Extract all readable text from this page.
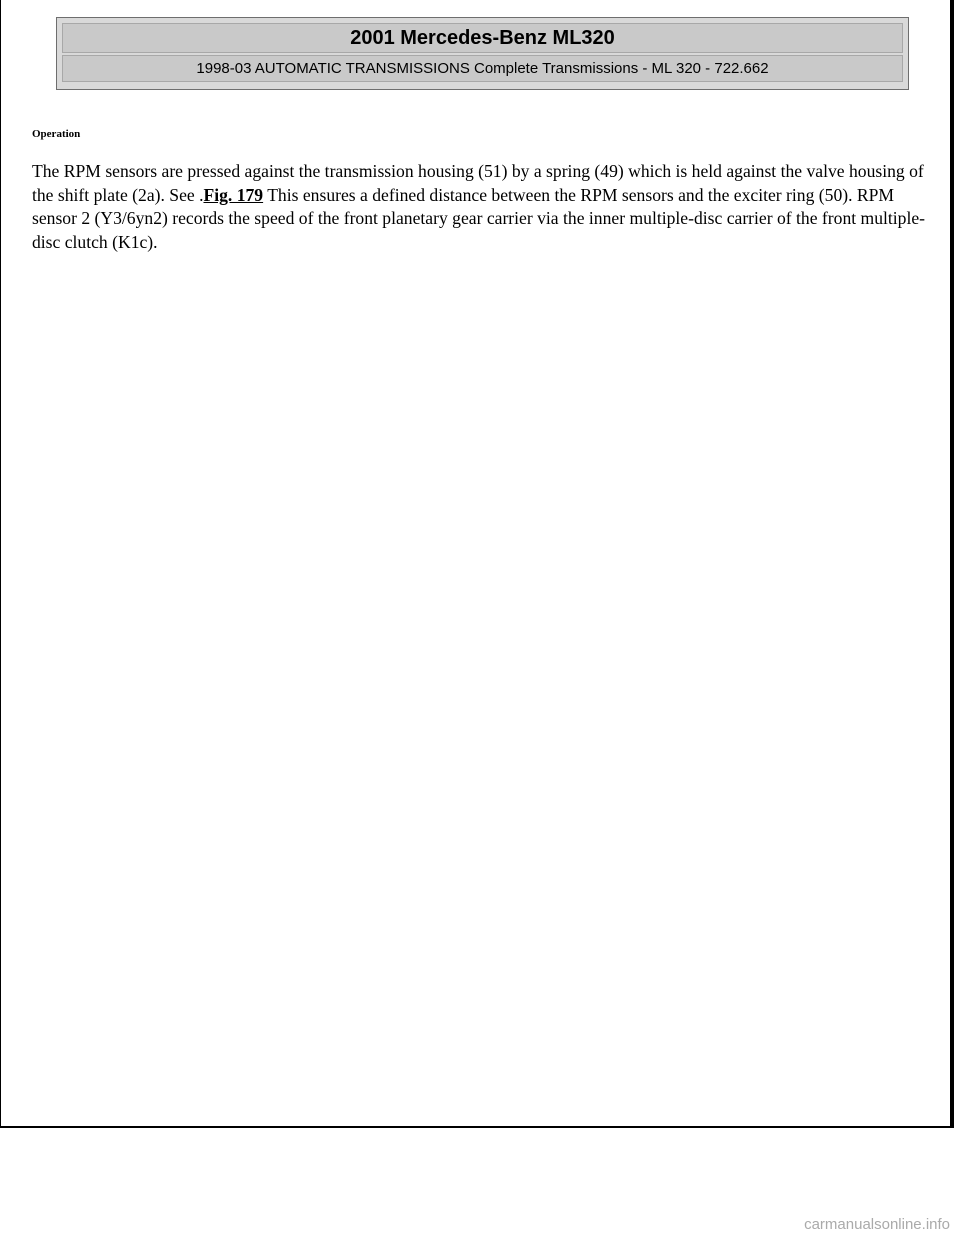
2001 Mercedes-Benz ML320
1998-03 AUTOMATIC TRANSMISSIONS Complete Transmissions - ML 320 - 722.662
Operation

The RPM sensors are pressed against the transmission housing (51) by a spring (49) which is held against the valve housing of the shift plate (2a). See .Fig. 179 This ensures a defined distance between the RPM sensors and the exciter ring (50). RPM sensor 2 (Y3/6yn2) records the speed of the front planetary gear carrier via the inner multiple-disc carrier of the front multiple-disc clutch (K1c).

carmanualsonline.info
